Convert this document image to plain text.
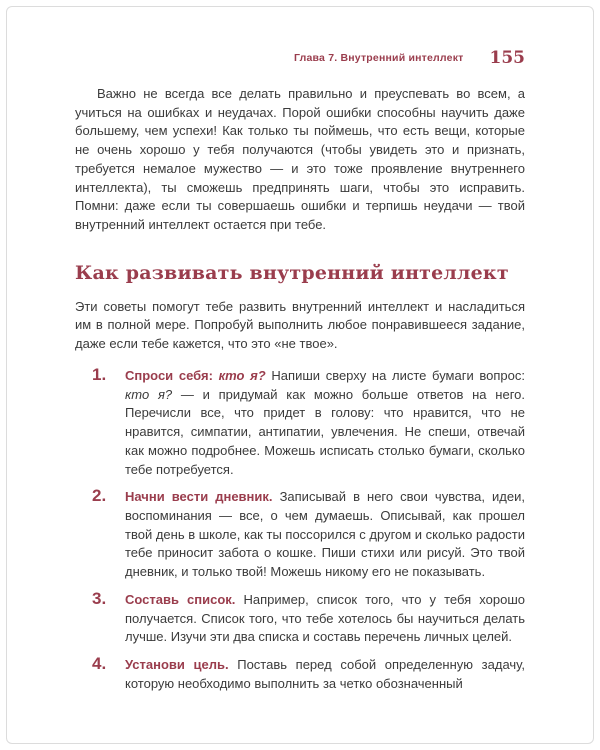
Глава 7. Внутренний интеллект 155

Важно не всегда все делать правильно и преуспевать во всем, а учиться на ошибках и неудачах. Порой ошибки способны научить даже большему, чем успехи! Как только ты поймешь, что есть вещи, которые не очень хорошо у тебя получаются (чтобы увидеть это и признать, требуется немалое мужество — и это тоже проявление внутреннего интеллекта), ты сможешь предпринять шаги, чтобы это исправить. Помни: даже если ты совершаешь ошибки и терпишь неудачи — твой внутренний интеллект остается при тебе.

Как развивать внутренний интеллект

Эти советы помогут тебе развить внутренний интеллект и насладиться им в полной мере. Попробуй выполнить любое понравившееся задание, даже если тебе кажется, что это «не твое».

1. Спроси себя: кто я? Напиши сверху на листе бумаги вопрос: кто я? — и придумай как можно больше ответов на него. Перечисли все, что придет в голову: что нравится, что не нравится, симпатии, антипатии, увлечения. Не спеши, отвечай как можно подробнее. Можешь исписать столько бумаги, сколько тебе потребуется.
2. Начни вести дневник. Записывай в него свои чувства, идеи, воспоминания — все, о чем думаешь. Описывай, как прошел твой день в школе, как ты поссорился с другом и сколько радости тебе приносит забота о кошке. Пиши стихи или рисуй. Это твой дневник, и только твой! Можешь никому его не показывать.
3. Составь список. Например, список того, что у тебя хорошо получается. Список того, что тебе хотелось бы научиться делать лучше. Изучи эти два списка и составь перечень личных целей.
4. Установи цель. Поставь перед собой определенную задачу, которую необходимо выполнить за четко обозначенный
